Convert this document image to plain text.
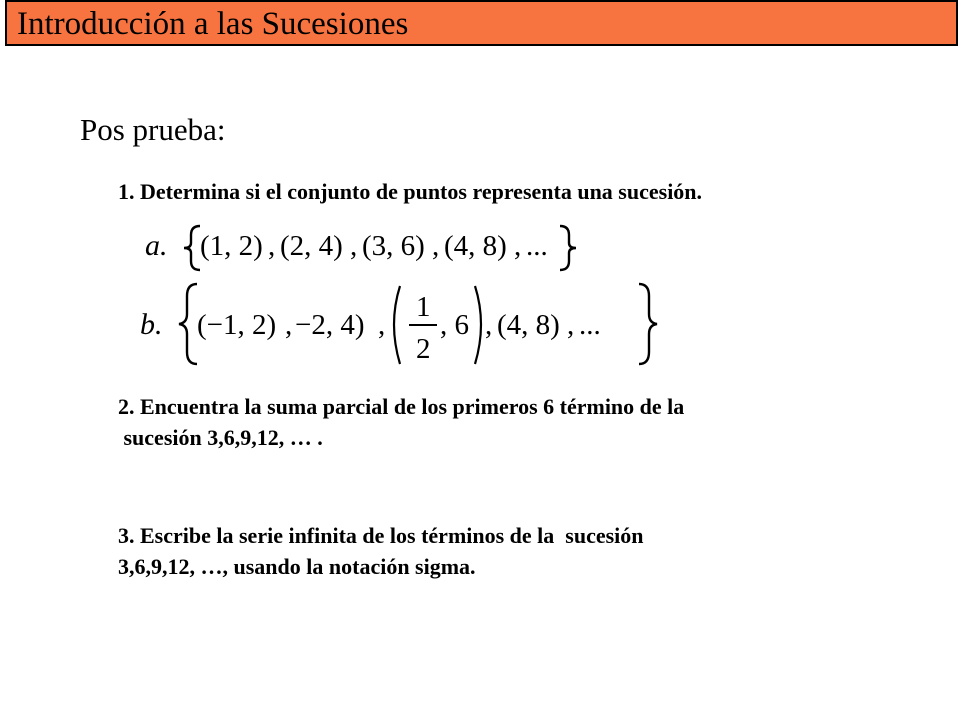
Introducción a las Sucesiones
Pos prueba:
1. Determina si el conjunto de puntos representa una sucesión.
a. (1, 2) , (2, 4) , (3, 6) , (4, 8) , ...
b. (−1, 2) , −2, 4) ,
1
2
, 6 , (4, 8) , ...
2. Encuentra la suma parcial de los primeros 6 término de la
sucesión 3,6,9,12, … .
3. Escribe la serie infinita de los términos de la  sucesión
3,6,9,12, …, usando la notación sigma.
